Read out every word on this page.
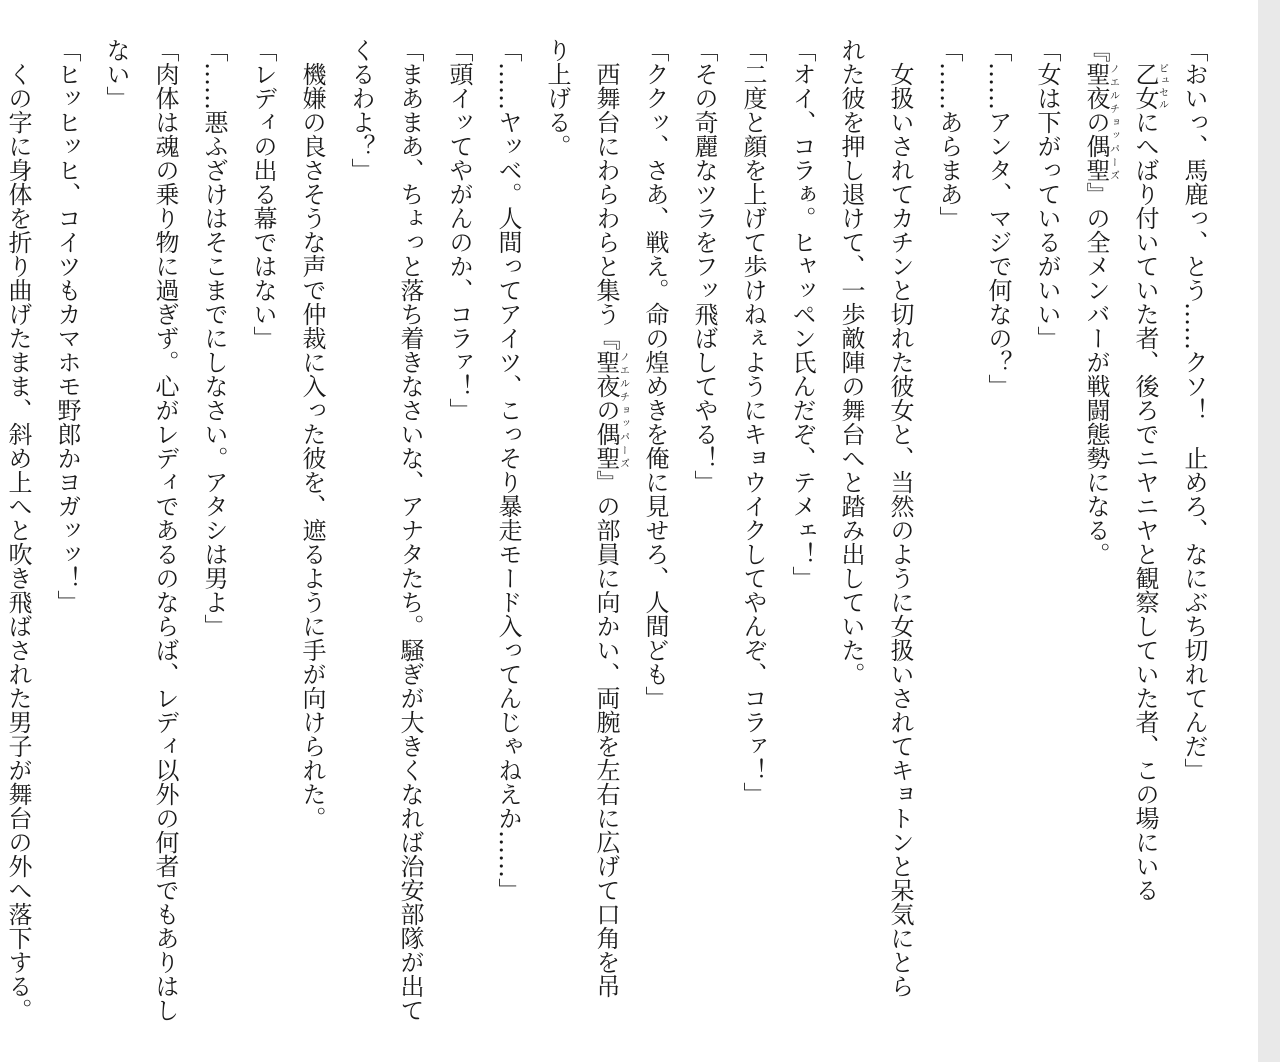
「おいっ、馬鹿っ、とう……クソ！　止めろ、なにぶち切れてんだ」

　乙女ピュセルにへばり付いていた者、後ろでニヤニヤと観察していた者、この場にいる

『聖夜の偶聖ノエルチョッパーズ』の全メンバーが戦闘態勢になる。

「女は下がっているがいい」

「……アンタ、マジで何なの？」

「……あらまあ」

　女扱いされてカチンと切れた彼女と、当然のように女扱いされてキョトンと呆気にとら

れた彼を押し退けて、一歩敵陣の舞台へと踏み出していた。

「オイ、コラぁ。ヒャッペン氏んだぞ、テメェ！」

「二度と顔を上げて歩けねぇようにキョウイクしてやんぞ、コラァ！」

「その奇麗なツラをフッ飛ばしてやる！」

「ククッ、さあ、戦え。命の煌めきを俺に見せろ、人間ども」

　西舞台にわらわらと集う『聖夜の偶聖ノエルチョッパーズ』の部員に向かい、両腕を左右に広げて口角を吊

り上げる。

「……ヤッベ。人間ってアイツ、こっそり暴走モード入ってんじゃねえか……」

「頭イッてやがんのか、コラァ！」

「まあまあ、ちょっと落ち着きなさいな、アナタたち。騒ぎが大きくなれば治安部隊が出て

くるわよ？」

　機嫌の良さそうな声で仲裁に入った彼を、遮るように手が向けられた。

「レディの出る幕ではない」

「……悪ふざけはそこまでにしなさい。アタシは男よ」

「肉体は魂の乗り物に過ぎず。心がレディであるのならば、レディ以外の何者でもありはし

ない」

「ヒッヒッヒ、コイツもカマホモ野郎かヨガッッ！」

　くの字に身体を折り曲げたまま、斜め上へと吹き飛ばされた男子が舞台の外へ落下する。
